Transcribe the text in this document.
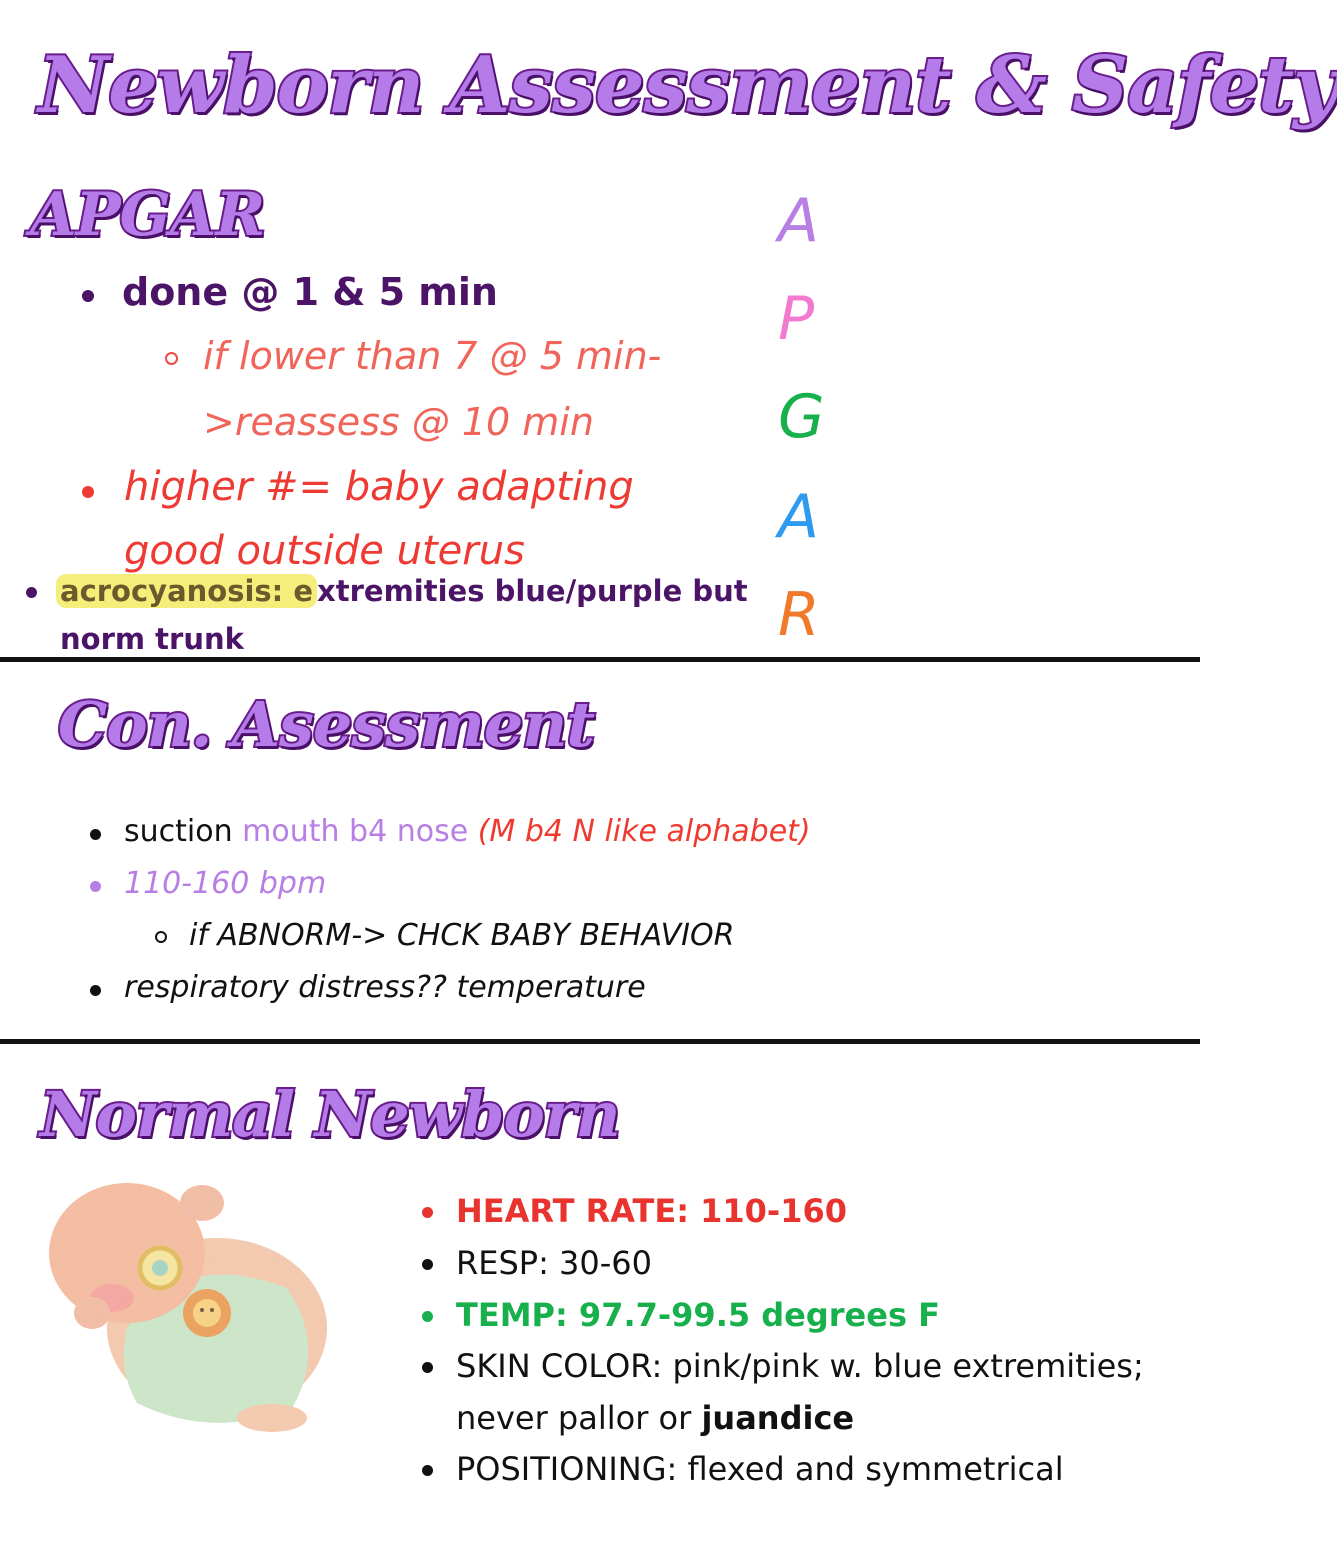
Newborn Assessment & Safety
APGAR	A
P
G
A
R
done @ 1 & 5 min
if lower than 7 @ 5 min-
>reassess @ 10 min
higher #= baby adapting
good outside uterus
acrocyanosis: e xtremities blue/purple but
norm trunk
Con. Asessment
suction mouth b4 nose (M b4 N like alphabet)
110-160 bpm
if ABNORM-> CHCK BABY BEHAVIOR
respiratory distress?? temperature
Normal Newborn
HEART RATE: 110-160
RESP: 30-60
TEMP: 97.7-99.5 degrees F
SKIN COLOR: pink/pink w. blue extremities;
never pallor or juandice
POSITIONING: flexed and symmetrical
